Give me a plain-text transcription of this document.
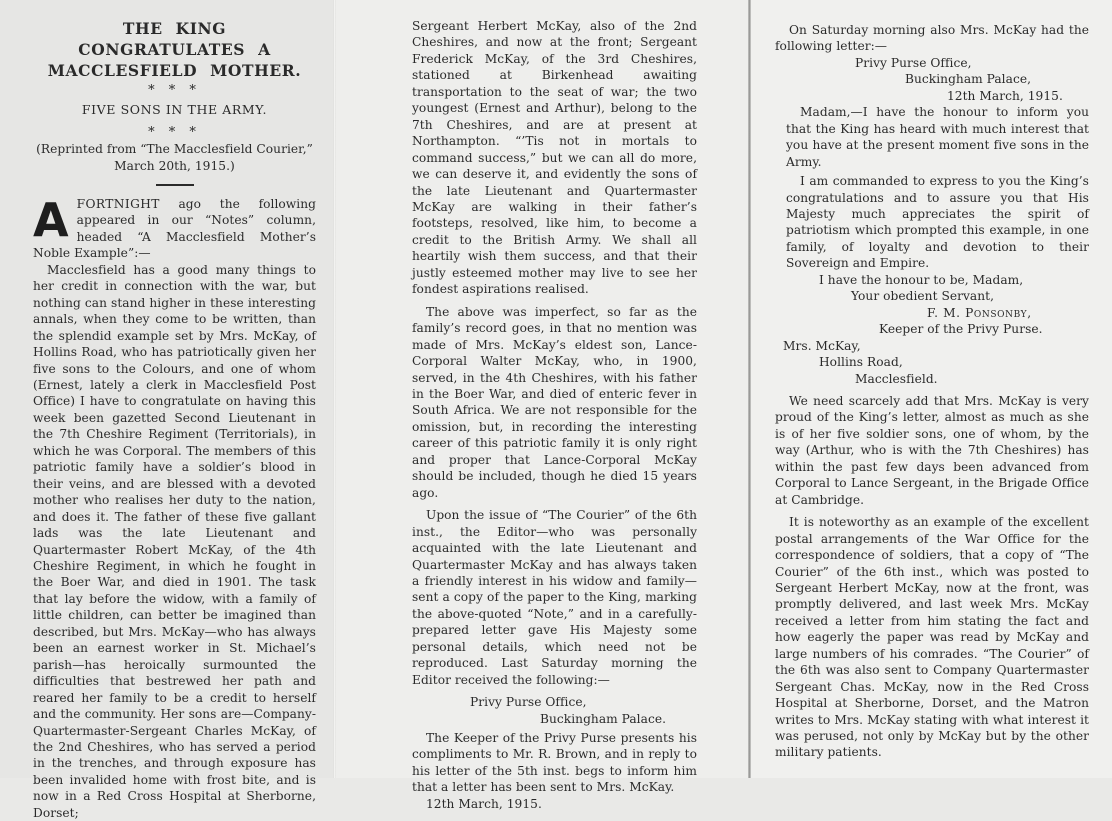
THE KING CONGRATULATES A
MACCLESFIELD MOTHER.
* * *
FIVE SONS IN THE ARMY.
* * *
(Reprinted from “The Macclesfield Courier,”
March 20th, 1915.)

AFORTNIGHT ago the following appeared in our “Notes” column, headed “A Macclesfield Mother’s Noble Example”:—

Macclesfield has a good many things to her credit in connection with the war, but nothing can stand higher in these interesting annals, when they come to be written, than the splendid example set by Mrs. McKay, of Hollins Road, who has patriotically given her five sons to the Colours, and one of whom (Ernest, lately a clerk in Macclesfield Post Office) I have to congratulate on having this week been gazetted Second Lieutenant in the 7th Cheshire Regiment (Territorials), in which he was Corporal. The members of this patriotic family have a soldier’s blood in their veins, and are blessed with a devoted mother who realises her duty to the nation, and does it. The father of these five gallant lads was the late Lieutenant and Quartermaster Robert McKay, of the 4th Cheshire Regiment, in which he fought in the Boer War, and died in 1901. The task that lay before the widow, with a family of little children, can better be imagined than described, but Mrs. McKay—who has always been an earnest worker in St. Michael’s parish—has heroically surmounted the difficulties that bestrewed her path and reared her family to be a credit to herself and the community. Her sons are—Company-Quartermaster-Sergeant Charles McKay, of the 2nd Cheshires, who has served a period in the trenches, and through exposure has been invalided home with frost bite, and is now in a Red Cross Hospital at Sherborne, Dorset;

Sergeant Herbert McKay, also of the 2nd Cheshires, and now at the front; Sergeant Frederick McKay, of the 3rd Cheshires, stationed at Birkenhead awaiting transportation to the seat of war; the two youngest (Ernest and Arthur), belong to the 7th Cheshires, and are at present at Northampton. “’Tis not in mortals to command success,” but we can all do more, we can deserve it, and evidently the sons of the late Lieutenant and Quartermaster McKay are walking in their father’s footsteps, resolved, like him, to become a credit to the British Army. We shall all heartily wish them success, and that their justly esteemed mother may live to see her fondest aspirations realised.

The above was imperfect, so far as the family’s record goes, in that no mention was made of Mrs. McKay’s eldest son, Lance-Corporal Walter McKay, who, in 1900, served, in the 4th Cheshires, with his father in the Boer War, and died of enteric fever in South Africa. We are not responsible for the omission, but, in recording the interesting career of this patriotic family it is only right and proper that Lance-Corporal McKay should be included, though he died 15 years ago.

Upon the issue of “The Courier” of the 6th inst., the Editor—who was personally acquainted with the late Lieutenant and Quartermaster McKay and has always taken a friendly interest in his widow and family—sent a copy of the paper to the King, marking the above-quoted “Note,” and in a carefully-prepared letter gave His Majesty some personal details, which need not be reproduced. Last Saturday morning the Editor received the following:—

Privy Purse Office,

Buckingham Palace.

The Keeper of the Privy Purse presents his compliments to Mr. R. Brown, and in reply to his letter of the 5th inst. begs to inform him that a letter has been sent to Mrs. McKay.

12th March, 1915.

On Saturday morning also Mrs. McKay had the following letter:—

Privy Purse Office,

Buckingham Palace,

12th March, 1915.

Madam,—I have the honour to inform you that the King has heard with much interest that you have at the present moment five sons in the Army.

I am commanded to express to you the King’s congratulations and to assure you that His Majesty much appreciates the spirit of patriotism which prompted this example, in one family, of loyalty and devotion to their Sovereign and Empire.

I have the honour to be, Madam,

Your obedient Servant,

F. M. Ponsonby,

Keeper of the Privy Purse.

Mrs. McKay,

Hollins Road,

Macclesfield.

We need scarcely add that Mrs. McKay is very proud of the King’s letter, almost as much as she is of her five soldier sons, one of whom, by the way (Arthur, who is with the 7th Cheshires) has within the past few days been advanced from Corporal to Lance Sergeant, in the Brigade Office at Cambridge.

It is noteworthy as an example of the excellent postal arrangements of the War Office for the correspondence of soldiers, that a copy of “The Courier” of the 6th inst., which was posted to Sergeant Herbert McKay, now at the front, was promptly delivered, and last week Mrs. McKay received a letter from him stating the fact and how eagerly the paper was read by McKay and large numbers of his comrades. “The Courier” of the 6th was also sent to Company Quartermaster Sergeant Chas. McKay, now in the Red Cross Hospital at Sherborne, Dorset, and the Matron writes to Mrs. McKay stating with what interest it was perused, not only by McKay but by the other military patients.
